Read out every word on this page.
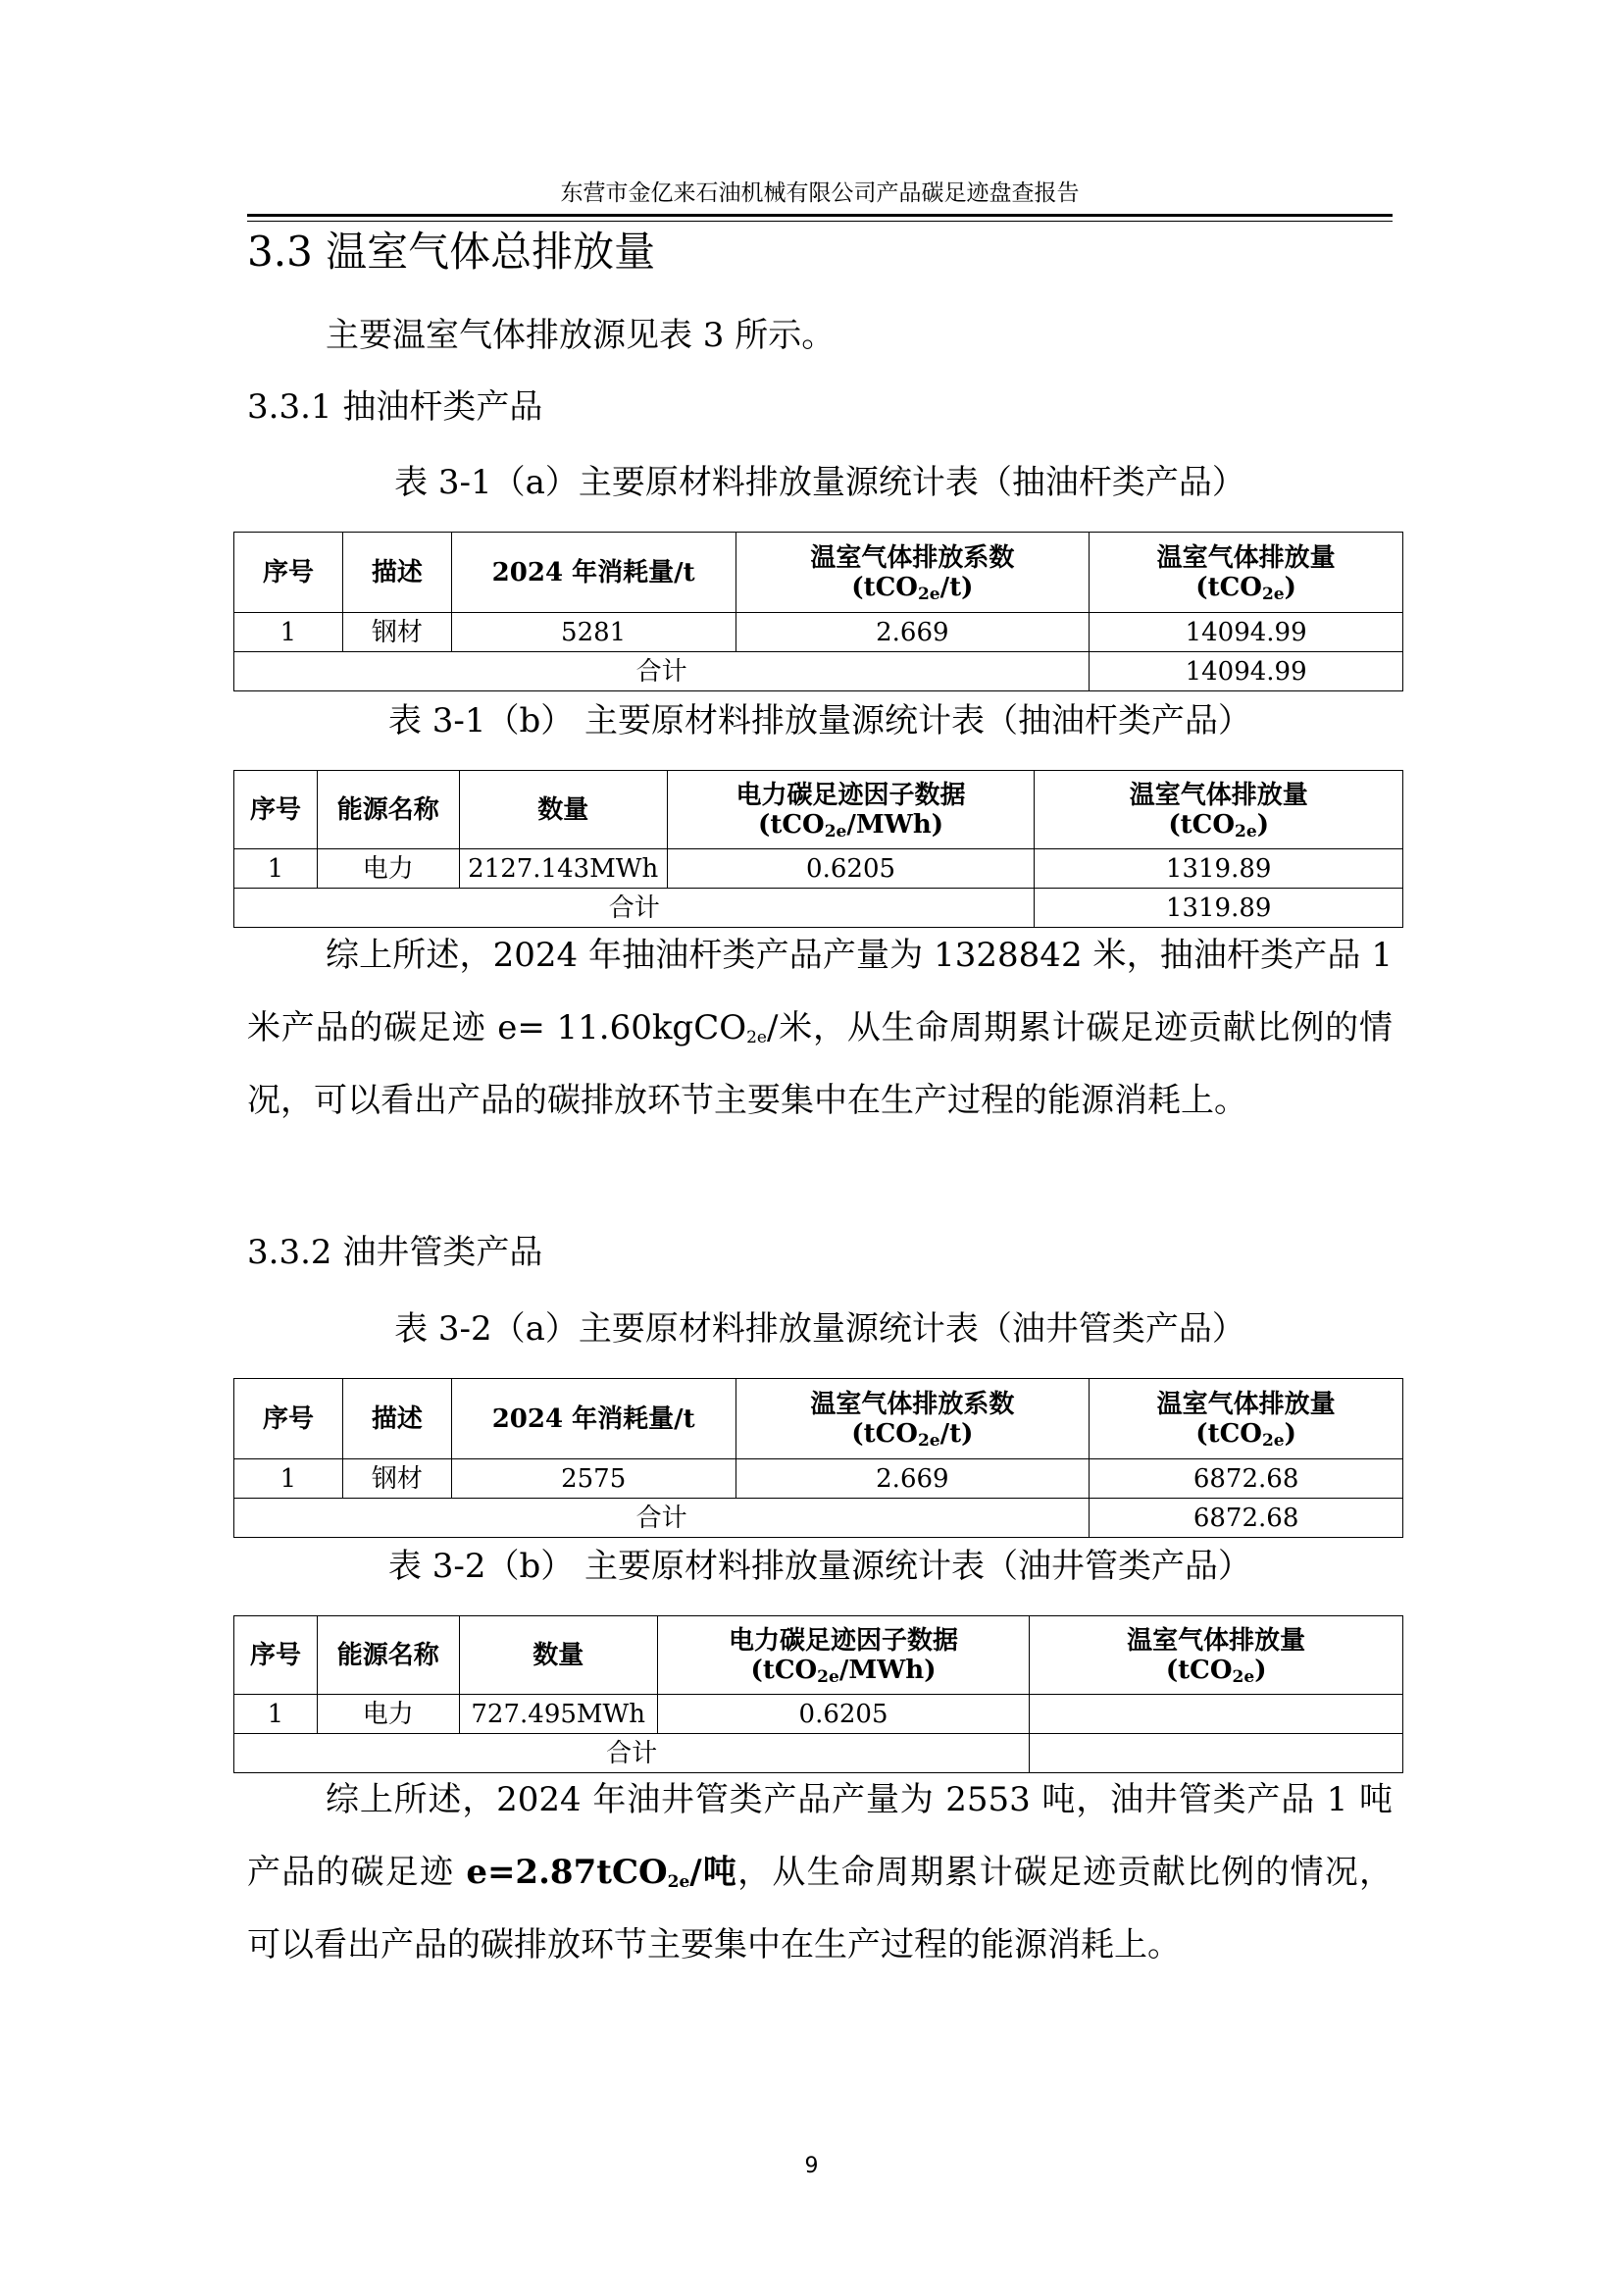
东营市金亿来石油机械有限公司产品碳足迹盘查报告
3.3 温室气体总排放量
主要温室气体排放源见表 3 所示。
3.3.1 抽油杆类产品
表 3-1（a）主要原材料排放量源统计表（抽油杆类产品）
序号	描述	2024 年消耗量/t	温室气体排放系数
(tCO$_{2e}$/t)	温室气体排放量
(tCO$_{2e}$)
1	钢材	5281	2.669	14094.99
合计				14094.99
表 3-1（b） 主要原材料排放量源统计表（抽油杆类产品）
序号	能源名称	数量	电力碳足迹因子数据
(tCO$_{2e}$/MWh)	温室气体排放量
(tCO$_{2e}$)
1	电力	2127.143MWh	0.6205	1319.89
合计				1319.89
综上所述，2024 年抽油杆类产品产量为 1328842 米，抽油杆类产品 1 米产品的碳足迹 e= 11.60kgCO$_{2e}$/米，从生命周期累计碳足迹贡献比例的情况，可以看出产品的碳排放环节主要集中在生产过程的能源消耗上。
3.3.2 油井管类产品
表 3-2（a）主要原材料排放量源统计表（油井管类产品）
序号	描述	2024 年消耗量/t	温室气体排放系数
(tCO$_{2e}$/t)	温室气体排放量
(tCO$_{2e}$)
1	钢材	2575	2.669	6872.68
合计				6872.68
表 3-2（b） 主要原材料排放量源统计表（油井管类产品）
序号	能源名称	数量	电力碳足迹因子数据
(tCO$_{2e}$/MWh)	温室气体排放量
(tCO$_{2e}$)
1	电力	727.495MWh	0.6205	
合计				
综上所述，2024 年油井管类产品产量为 2553 吨，油井管类产品 1 吨产品的碳足迹 e=2.87tCO$_{2e}$/吨，从生命周期累计碳足迹贡献比例的情况，可以看出产品的碳排放环节主要集中在生产过程的能源消耗上。
9
